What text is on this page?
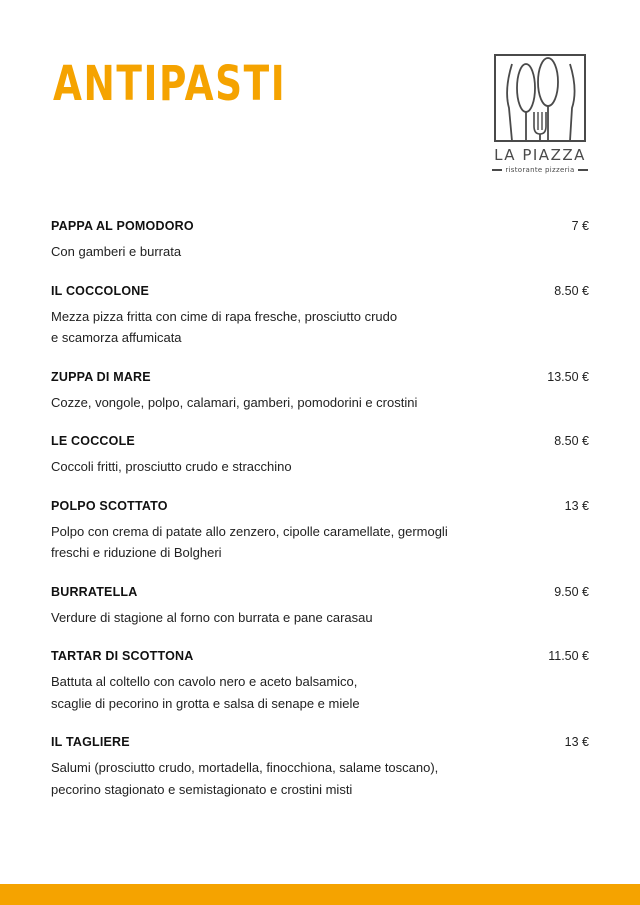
ANTIPASTI
LA PIAZZA
ristorante pizzeria
PAPPA AL POMODORO	7 €
Con gamberi e burrata
IL COCCOLONE	8.50 €
Mezza pizza fritta con cime di rapa fresche, prosciutto crudo
e scamorza affumicata
ZUPPA DI MARE	13.50 €
Cozze, vongole, polpo, calamari, gamberi, pomodorini e crostini
LE COCCOLE	8.50 €
Coccoli fritti, prosciutto crudo e stracchino
POLPO SCOTTATO	13 €
Polpo con crema di patate allo zenzero, cipolle caramellate, germogli
freschi e riduzione di Bolgheri
BURRATELLA	9.50 €
Verdure di stagione al forno con burrata e pane carasau
TARTAR DI SCOTTONA	11.50 €
Battuta al coltello con cavolo nero e aceto balsamico,
scaglie di pecorino in grotta e salsa di senape e miele
IL TAGLIERE	13 €
Salumi (prosciutto crudo, mortadella, finocchiona, salame toscano),
pecorino stagionato e semistagionato e crostini misti
